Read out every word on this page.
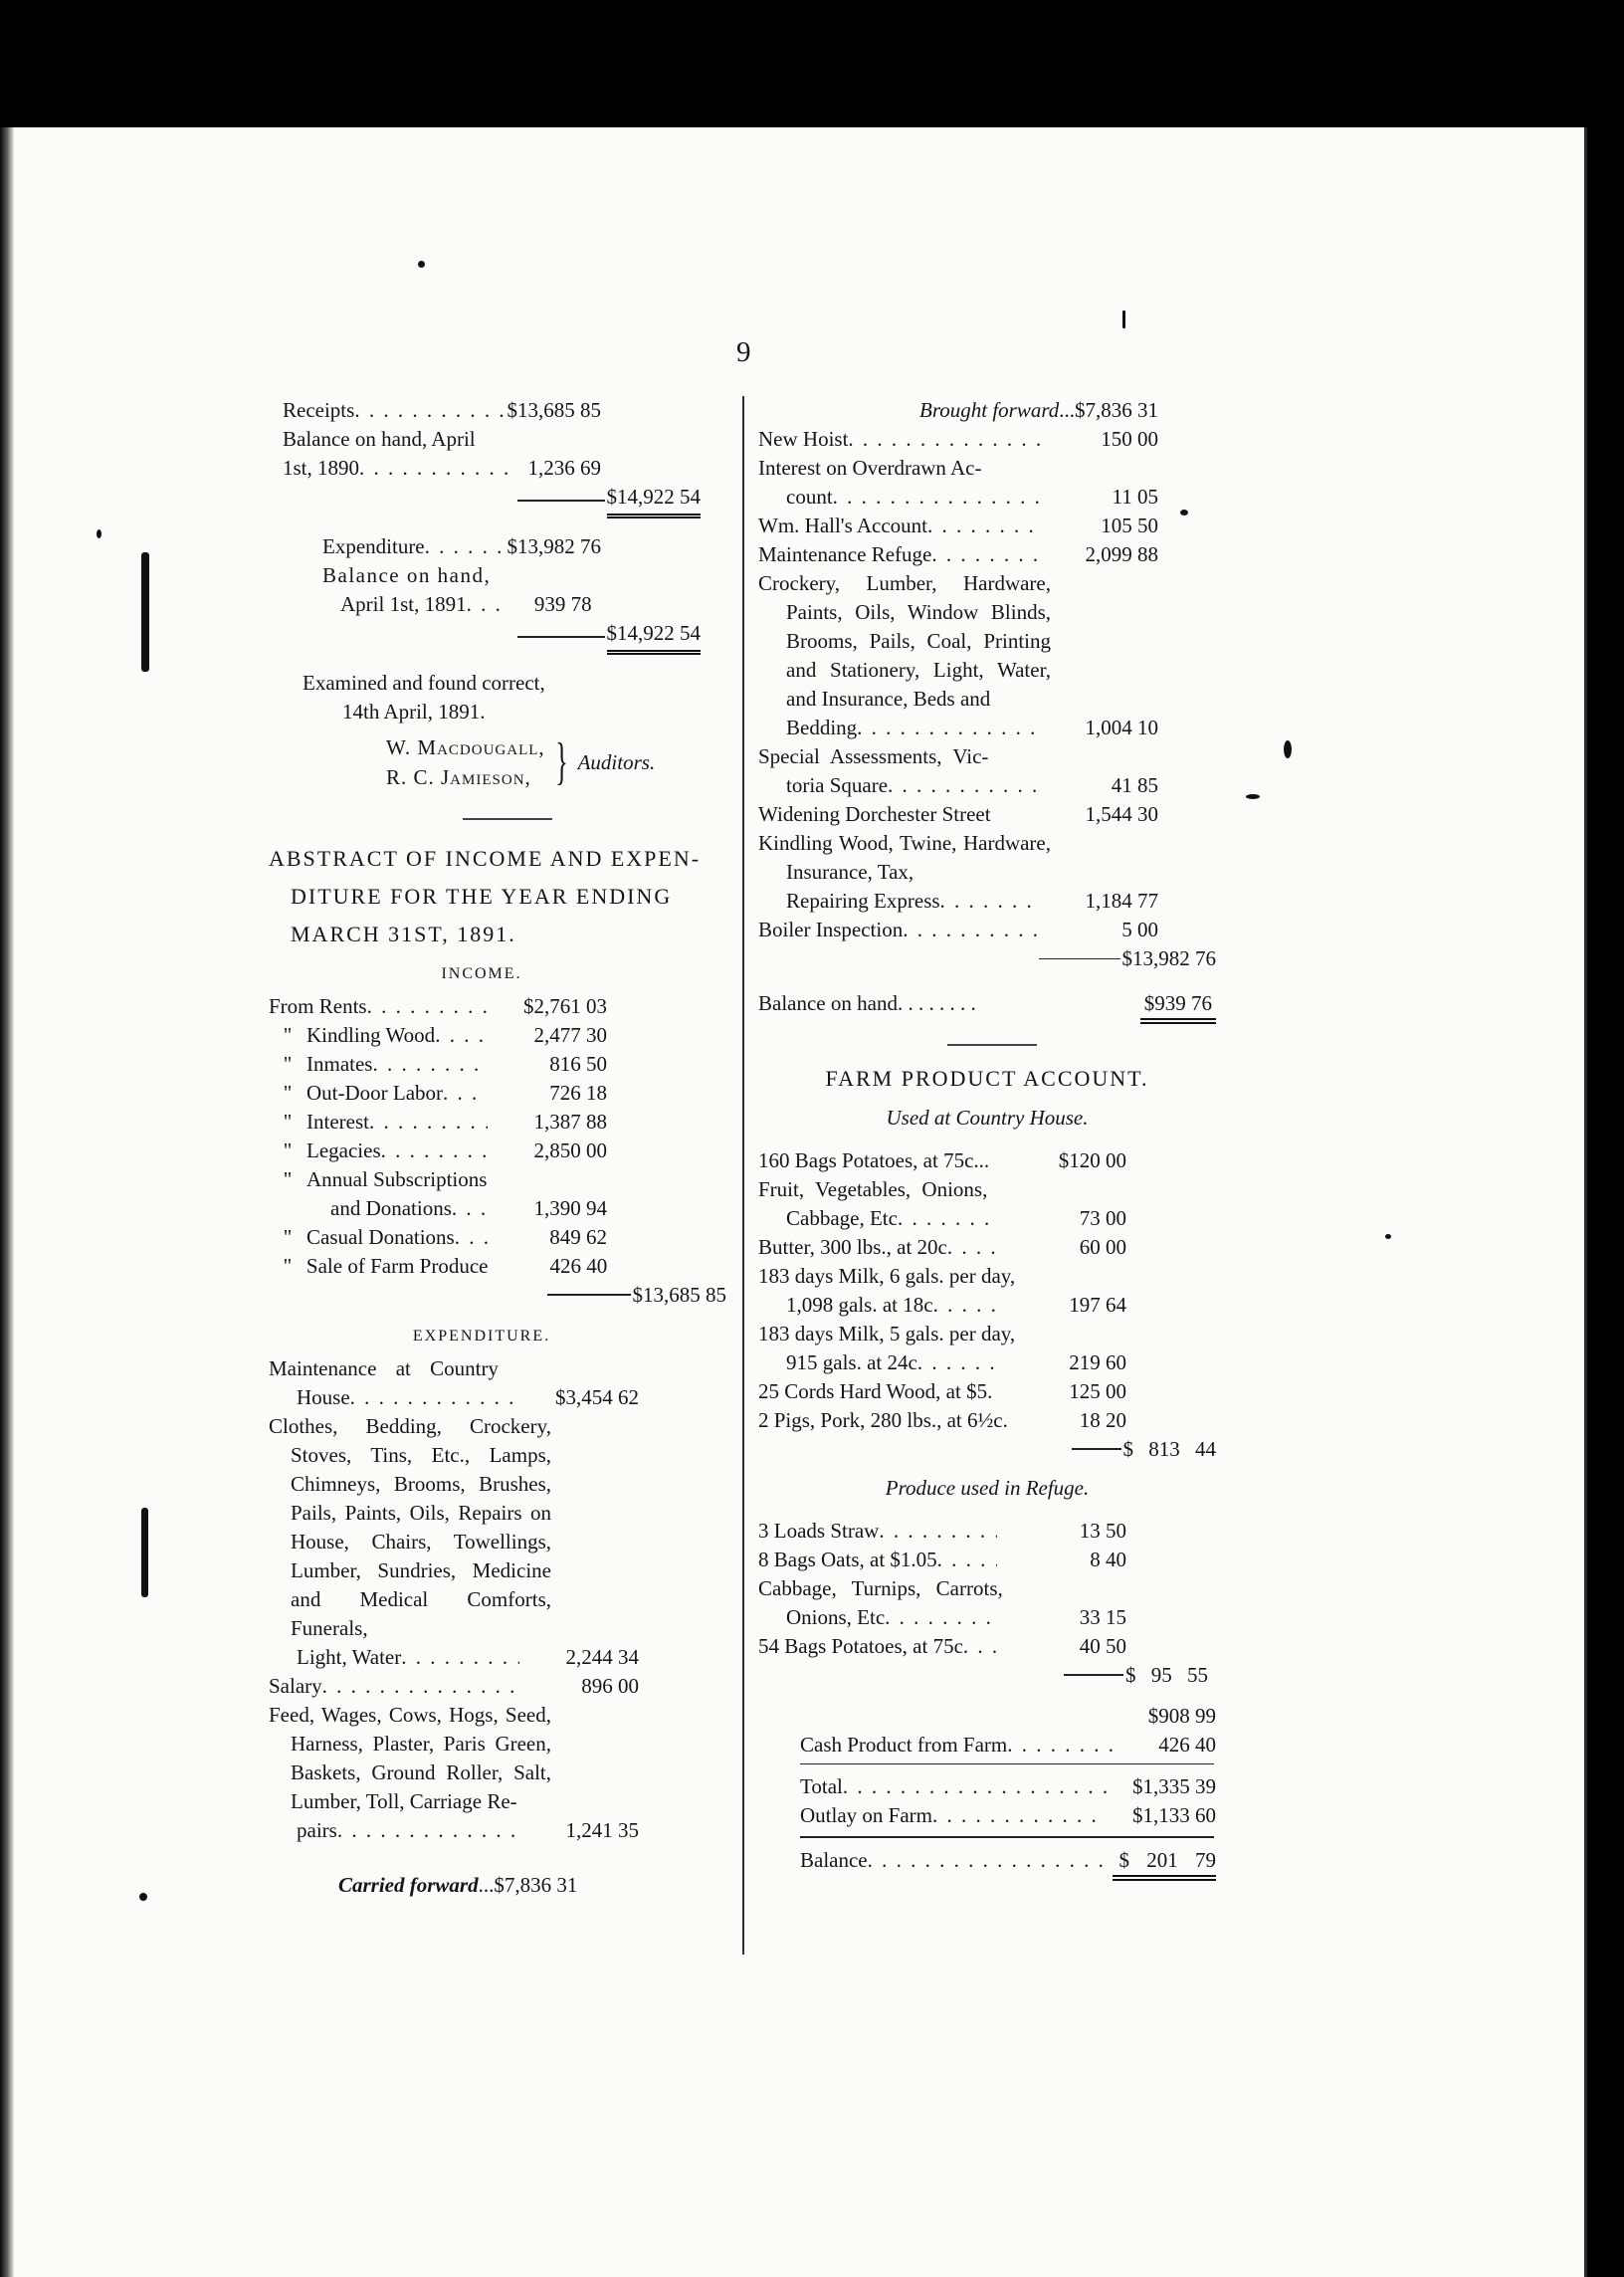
9
Receipts . . .	$13,685 85
Balance on hand, April
1st, 1890 . . .	1,236 69
$14,922 54
Expenditure . . .	$13,982 76
Balance on hand,
April 1st, 1891 . . .	939 78
$14,922 54
Examined and found correct,
14th April, 1891.
W. Macdougall,
R. C. Jamieson, } Auditors.
ABSTRACT OF INCOME AND EXPEN-
DITURE FOR THE YEAR ENDING
MARCH 31ST, 1891.
INCOME.
From Rents . . .	$2,761 03
" Kindling Wood . . .	2,477 30
" Inmates . . .	816 50
" Out-Door Labor . . .	726 18
" Interest . . .	1,387 88
" Legacies . . .	2,850 00
" Annual Subscriptions
and Donations . . .	1,390 94
" Casual Donations . . .	849 62
" Sale of Farm Produce	426 40
$13,685 85
EXPENDITURE.
Maintenance at Country
House . . .	$3,454 62
Clothes, Bedding, Crockery, Stoves, Tins, Etc., Lamps, Chimneys, Brooms, Brushes, Pails, Paints, Oils, Repairs on House, Chairs, Towellings, Lumber, Sundries, Medicine and Medical Comforts, Funerals,
Light, Water . . .	2,244 34
Salary . . .	896 00
Feed, Wages, Cows, Hogs, Seed, Harness, Plaster, Paris Green, Baskets, Ground Roller, Salt, Lumber, Toll, Carriage Re-
pairs . . .	1,241 35
Carried forward ... $7,836 31
Brought forward ... $7,836 31
New Hoist . . .	150 00
Interest on Overdrawn Ac-
count . . .	11 05
Wm. Hall's Account . . .	105 50
Maintenance Refuge . . .	2,099 88
Crockery, Lumber, Hardware, Paints, Oils, Window Blinds, Brooms, Pails, Coal, Printing and Stationery, Light, Water, and Insurance, Beds and
Bedding . . .	1,004 10
Special Assessments, Vic-
toria Square . . .	41 85
Widening Dorchester Street	1,544 30
Kindling Wood, Twine, Hardware, Insurance, Tax,
Repairing Express . . .	1,184 77
Boiler Inspection . . .	5 00
$13,982 76
Balance on hand . . . . . . . .	$939 76
FARM PRODUCT ACCOUNT.
Used at Country House.
160 Bags Potatoes, at 75c ...	$120 00
Fruit, Vegetables, Onions,
Cabbage, Etc . . .	73 00
Butter, 300 lbs., at 20c . . .	60 00
183 days Milk, 6 gals. per day,
1,098 gals. at 18c . . .	197 64
183 days Milk, 5 gals. per day,
915 gals. at 24c . . .	219 60
25 Cords Hard Wood, at $5.	125 00
2 Pigs, Pork, 280 lbs., at 6½c.	18 20
$ 813 44
Produce used in Refuge.
3 Loads Straw . . .	13 50
8 Bags Oats, at $1.05 . . .	8 40
Cabbage, Turnips, Carrots,
Onions, Etc . . .	33 15
54 Bags Potatoes, at 75c . . .	40 50
$ 95 55
$908 99
Cash Product from Farm . . .	426 40
Total . . .	$1,335 39
Outlay on Farm . . .	$1,133 60
Balance . . .	$ 201 79
